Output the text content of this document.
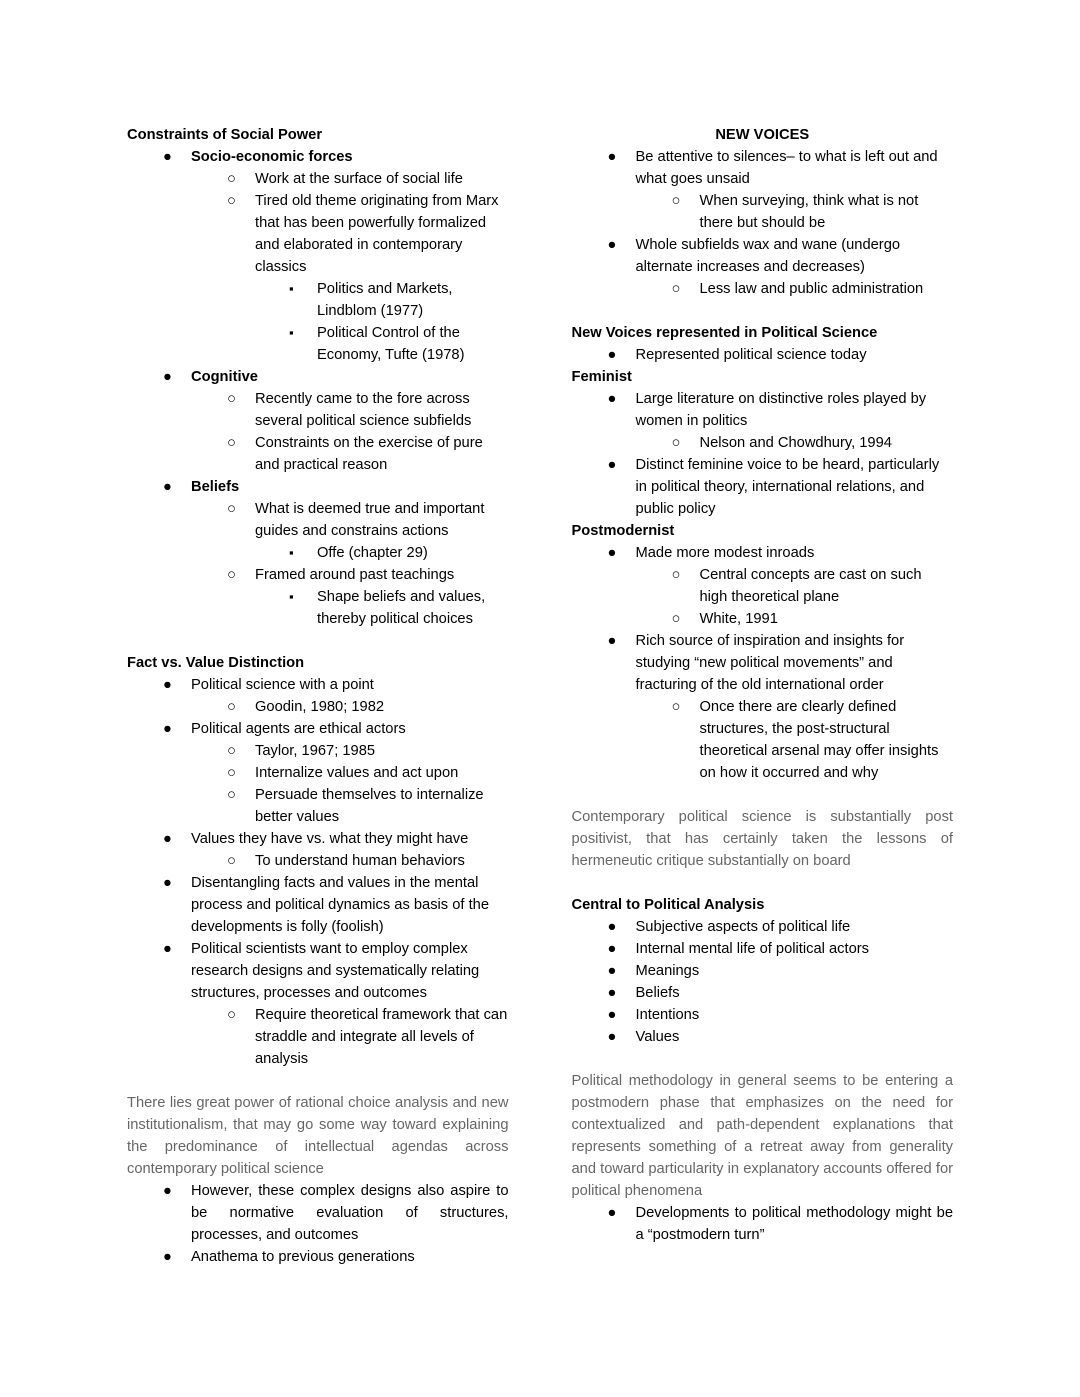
Constraints of Social Power
● Socio-economic forces
○ Work at the surface of social life
○ Tired old theme originating from Marx that has been powerfully formalized and elaborated in contemporary classics
▪ Politics and Markets, Lindblom (1977)
▪ Political Control of the Economy, Tufte (1978)
● Cognitive
○ Recently came to the fore across several political science subfields
○ Constraints on the exercise of pure and practical reason
● Beliefs
○ What is deemed true and important guides and constrains actions
▪ Offe (chapter 29)
○ Framed around past teachings
▪ Shape beliefs and values, thereby political choices
Fact vs. Value Distinction
● Political science with a point
○ Goodin, 1980; 1982
● Political agents are ethical actors
○ Taylor, 1967; 1985
○ Internalize values and act upon
○ Persuade themselves to internalize better values
● Values they have vs. what they might have
○ To understand human behaviors
● Disentangling facts and values in the mental process and political dynamics as basis of the developments is folly (foolish)
● Political scientists want to employ complex research designs and systematically relating structures, processes and outcomes
○ Require theoretical framework that can straddle and integrate all levels of analysis
There lies great power of rational choice analysis and new institutionalism, that may go some way toward explaining the predominance of intellectual agendas across contemporary political science
● However, these complex designs also aspire to be normative evaluation of structures, processes, and outcomes
● Anathema to previous generations
NEW VOICES
● Be attentive to silences– to what is left out and what goes unsaid
○ When surveying, think what is not there but should be
● Whole subfields wax and wane (undergo alternate increases and decreases)
○ Less law and public administration
New Voices represented in Political Science
● Represented political science today
Feminist
● Large literature on distinctive roles played by women in politics
○ Nelson and Chowdhury, 1994
● Distinct feminine voice to be heard, particularly in political theory, international relations, and public policy
Postmodernist
● Made more modest inroads
○ Central concepts are cast on such high theoretical plane
○ White, 1991
● Rich source of inspiration and insights for studying “new political movements” and fracturing of the old international order
○ Once there are clearly defined structures, the post-structural theoretical arsenal may offer insights on how it occurred and why
Contemporary political science is substantially post positivist, that has certainly taken the lessons of hermeneutic critique substantially on board
Central to Political Analysis
● Subjective aspects of political life
● Internal mental life of political actors
● Meanings
● Beliefs
● Intentions
● Values
Political methodology in general seems to be entering a postmodern phase that emphasizes on the need for contextualized and path-dependent explanations that represents something of a retreat away from generality and toward particularity in explanatory accounts offered for political phenomena
● Developments to political methodology might be a “postmodern turn”
